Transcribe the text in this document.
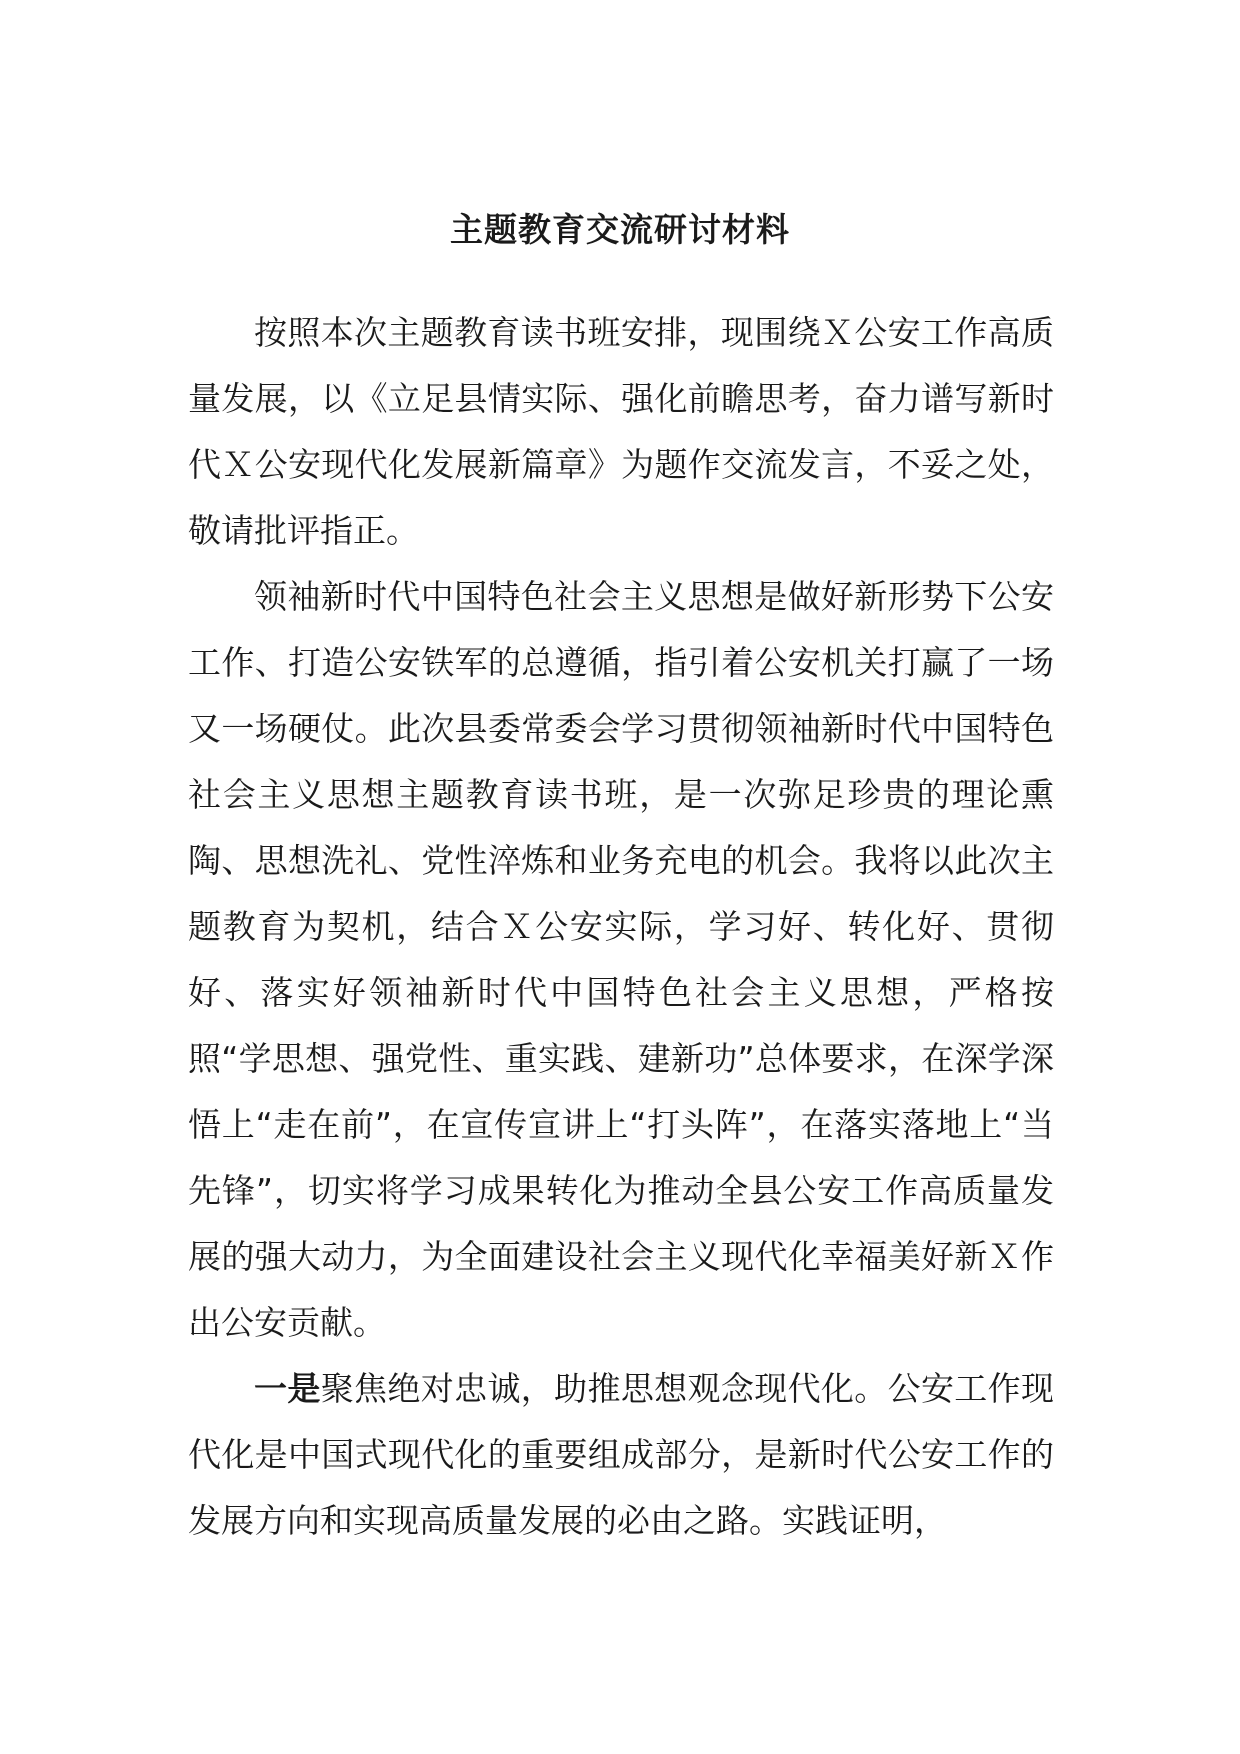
主题教育交流研讨材料

按照本次主题教育读书班安排，现围绕Ｘ公安工作高质量发展，以《立足县情实际、强化前瞻思考，奋力谱写新时代Ｘ公安现代化发展新篇章》为题作交流发言，不妥之处，敬请批评指正。

领袖新时代中国特色社会主义思想是做好新形势下公安工作、打造公安铁军的总遵循，指引着公安机关打赢了一场又一场硬仗。此次县委常委会学习贯彻领袖新时代中国特色社会主义思想主题教育读书班，是一次弥足珍贵的理论熏陶、思想洗礼、党性淬炼和业务充电的机会。我将以此次主题教育为契机，结合Ｘ公安实际，学习好、转化好、贯彻好、落实好领袖新时代中国特色社会主义思想，严格按照“学思想、强党性、重实践、建新功”总体要求，在深学深悟上“走在前”，在宣传宣讲上“打头阵”，在落实落地上“当先锋”，切实将学习成果转化为推动全县公安工作高质量发展的强大动力，为全面建设社会主义现代化幸福美好新Ｘ作出公安贡献。

一是聚焦绝对忠诚，助推思想观念现代化。公安工作现代化是中国式现代化的重要组成部分，是新时代公安工作的发展方向和实现高质量发展的必由之路。实践证明，
